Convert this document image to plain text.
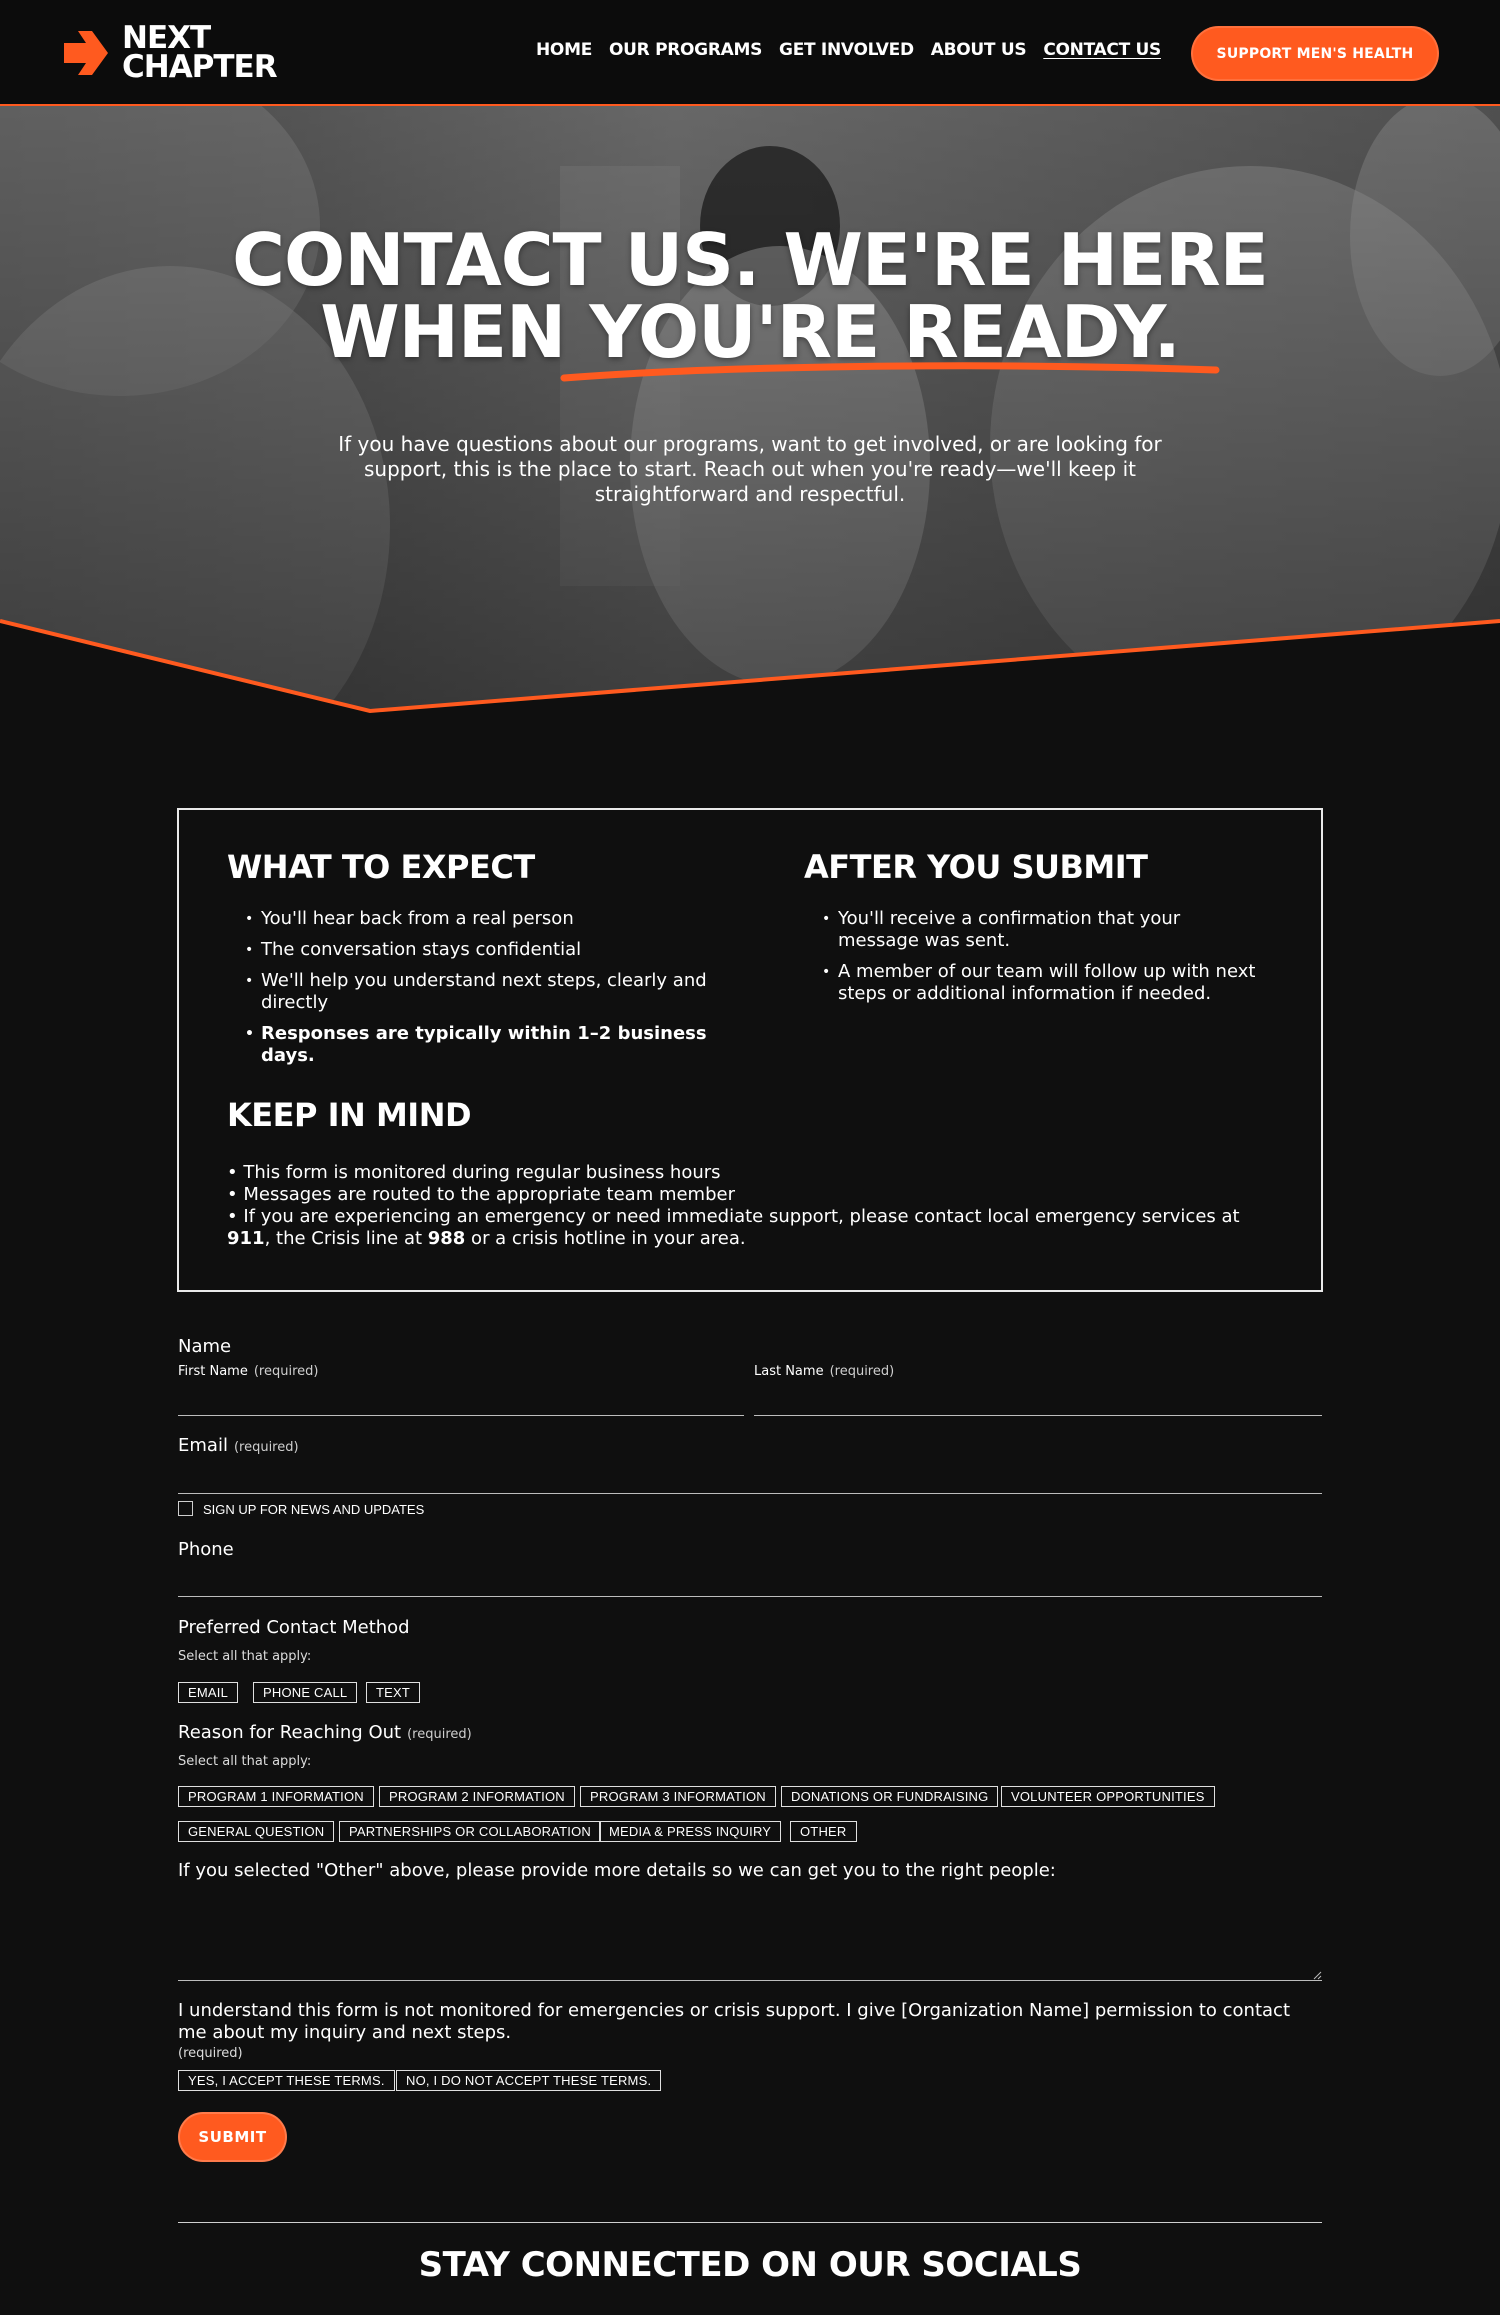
NEXT
CHAPTER	HOME OUR PROGRAMS GET INVOLVED ABOUT US CONTACT US	SUPPORT MEN'S HEALTH
CONTACT US. WE'RE HERE
WHEN YOU'RE READY.
If you have questions about our programs, want to get involved, or are looking for support, this is the place to start. Reach out when you're ready—we'll keep it straightforward and respectful.
WHAT TO EXPECT
• You'll hear back from a real person
• The conversation stays confidential
• We'll help you understand next steps, clearly and directly
• Responses are typically within 1–2 business days.
AFTER YOU SUBMIT
• You'll receive a confirmation that your message was sent.
• A member of our team will follow up with next steps or additional information if needed.
KEEP IN MIND
• This form is monitored during regular business hours
• Messages are routed to the appropriate team member
• If you are experiencing an emergency or need immediate support, please contact local emergency services at 911, the Crisis line at 988 or a crisis hotline in your area.
Name
First Name (required)	Last Name (required)
Email (required)
SIGN UP FOR NEWS AND UPDATES
Phone
Preferred Contact Method
Select all that apply:
EMAIL	PHONE CALL	TEXT
Reason for Reaching Out (required)
Select all that apply:
PROGRAM 1 INFORMATION	PROGRAM 2 INFORMATION	PROGRAM 3 INFORMATION	DONATIONS OR FUNDRAISING	VOLUNTEER OPPORTUNITIES
GENERAL QUESTION	PARTNERSHIPS OR COLLABORATION	MEDIA & PRESS INQUIRY	OTHER
If you selected "Other" above, please provide more details so we can get you to the right people:
I understand this form is not monitored for emergencies or crisis support. I give [Organization Name] permission to contact me about my inquiry and next steps.
(required)
YES, I ACCEPT THESE TERMS.	NO, I DO NOT ACCEPT THESE TERMS.
SUBMIT
STAY CONNECTED ON OUR SOCIALS
